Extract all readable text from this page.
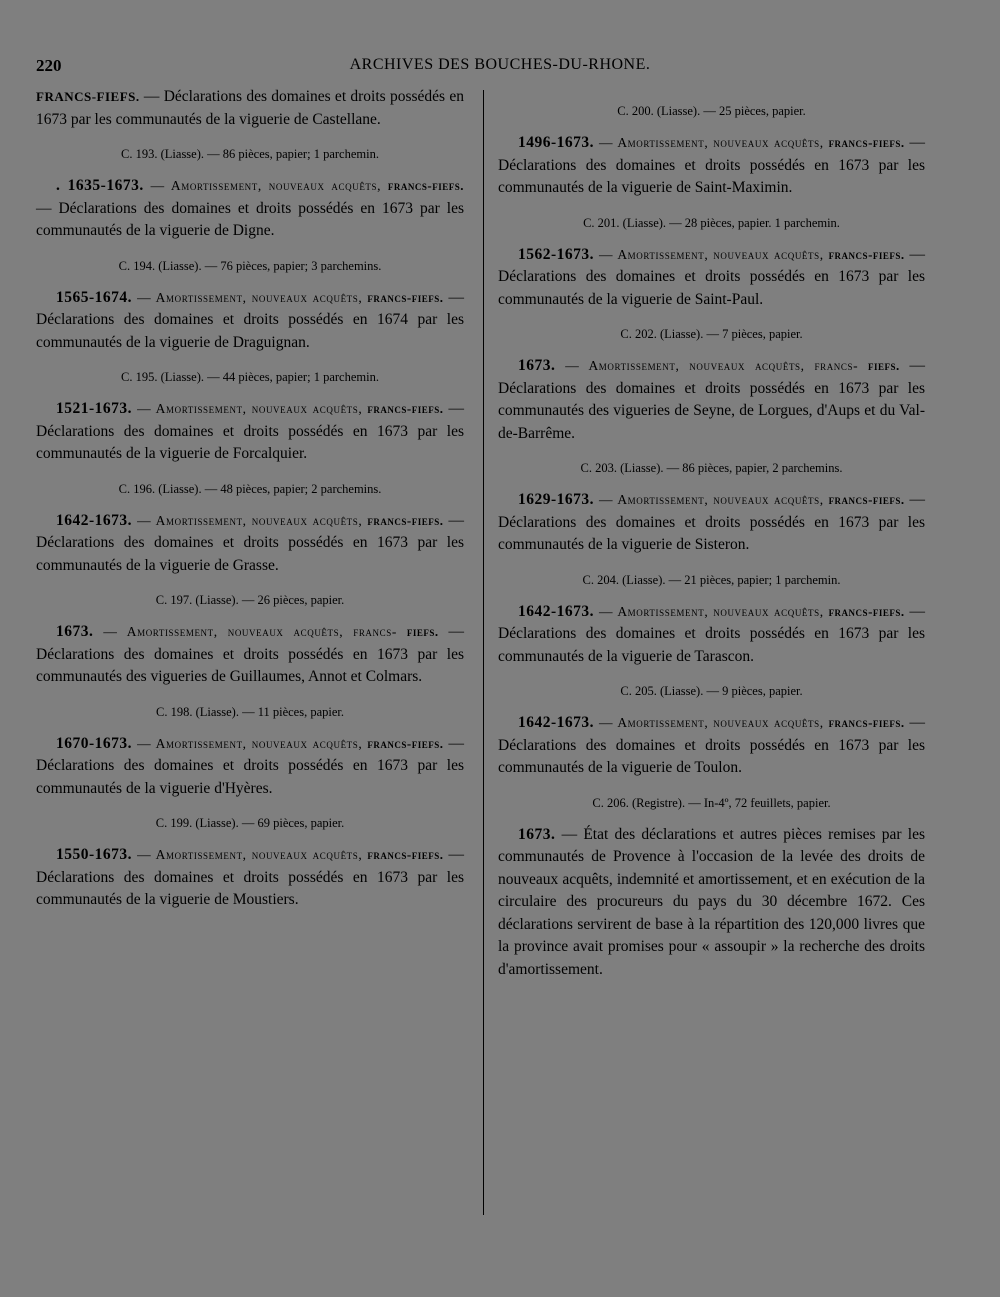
220	ARCHIVES DES BOUCHES-DU-RHONE.

FRANCS-FIEFS. — Déclarations des domaines et droits possédés en 1673 par les communautés de la viguerie de Castellane.

C. 193. (Liasse). — 86 pièces, papier; 1 parchemin.

. 1635-1673. — Amortissement, nouveaux acquêts, francs-fiefs. — Déclarations des domaines et droits possédés en 1673 par les communautés de la viguerie de Digne.

C. 194. (Liasse). — 76 pièces, papier; 3 parchemins.

1565-1674. — Amortissement, nouveaux acquêts, francs-fiefs. — Déclarations des domaines et droits possédés en 1674 par les communautés de la viguerie de Draguignan.

C. 195. (Liasse). — 44 pièces, papier; 1 parchemin.

1521-1673. — Amortissement, nouveaux acquêts, francs-fiefs. — Déclarations des domaines et droits possédés en 1673 par les communautés de la viguerie de Forcalquier.

C. 196. (Liasse). — 48 pièces, papier; 2 parchemins.

1642-1673. — Amortissement, nouveaux acquêts, francs-fiefs. — Déclarations des domaines et droits possédés en 1673 par les communautés de la viguerie de Grasse.

C. 197. (Liasse). — 26 pièces, papier.

1673. — Amortissement, nouveaux acquêts, francs- fiefs. — Déclarations des domaines et droits possédés en 1673 par les communautés des vigueries de Guillaumes, Annot et Colmars.

C. 198. (Liasse). — 11 pièces, papier.

1670-1673. — Amortissement, nouveaux acquêts, francs-fiefs. — Déclarations des domaines et droits possédés en 1673 par les communautés de la viguerie d'Hyères.

C. 199. (Liasse). — 69 pièces, papier.

1550-1673. — Amortissement, nouveaux acquêts, francs-fiefs. — Déclarations des domaines et droits possédés en 1673 par les communautés de la viguerie de Moustiers.

C. 200. (Liasse). — 25 pièces, papier.

1496-1673. — Amortissement, nouveaux acquêts, francs-fiefs. — Déclarations des domaines et droits possédés en 1673 par les communautés de la viguerie de Saint-Maximin.

C. 201. (Liasse). — 28 pièces, papier. 1 parchemin.

1562-1673. — Amortissement, nouveaux acquêts, francs-fiefs. — Déclarations des domaines et droits possédés en 1673 par les communautés de la viguerie de Saint-Paul.

C. 202. (Liasse). — 7 pièces, papier.

1673. — Amortissement, nouveaux acquêts, francs- fiefs. — Déclarations des domaines et droits possédés en 1673 par les communautés des vigueries de Seyne, de Lorgues, d'Aups et du Val-de-Barrême.

C. 203. (Liasse). — 86 pièces, papier, 2 parchemins.

1629-1673. — Amortissement, nouveaux acquêts, francs-fiefs. — Déclarations des domaines et droits possédés en 1673 par les communautés de la viguerie de Sisteron.

C. 204. (Liasse). — 21 pièces, papier; 1 parchemin.

1642-1673. — Amortissement, nouveaux acquêts, francs-fiefs. — Déclarations des domaines et droits possédés en 1673 par les communautés de la viguerie de Tarascon.

C. 205. (Liasse). — 9 pièces, papier.

1642-1673. — Amortissement, nouveaux acquêts, francs-fiefs. — Déclarations des domaines et droits possédés en 1673 par les communautés de la viguerie de Toulon.

C. 206. (Registre). — In-4º, 72 feuillets, papier.

1673. — État des déclarations et autres pièces remises par les communautés de Provence à l'occasion de la levée des droits de nouveaux acquêts, indemnité et amortissement, et en exécution de la circulaire des procureurs du pays du 30 décembre 1672. Ces déclarations servirent de base à la répartition des 120,000 livres que la province avait promises pour « assoupir » la recherche des droits d'amortissement.
